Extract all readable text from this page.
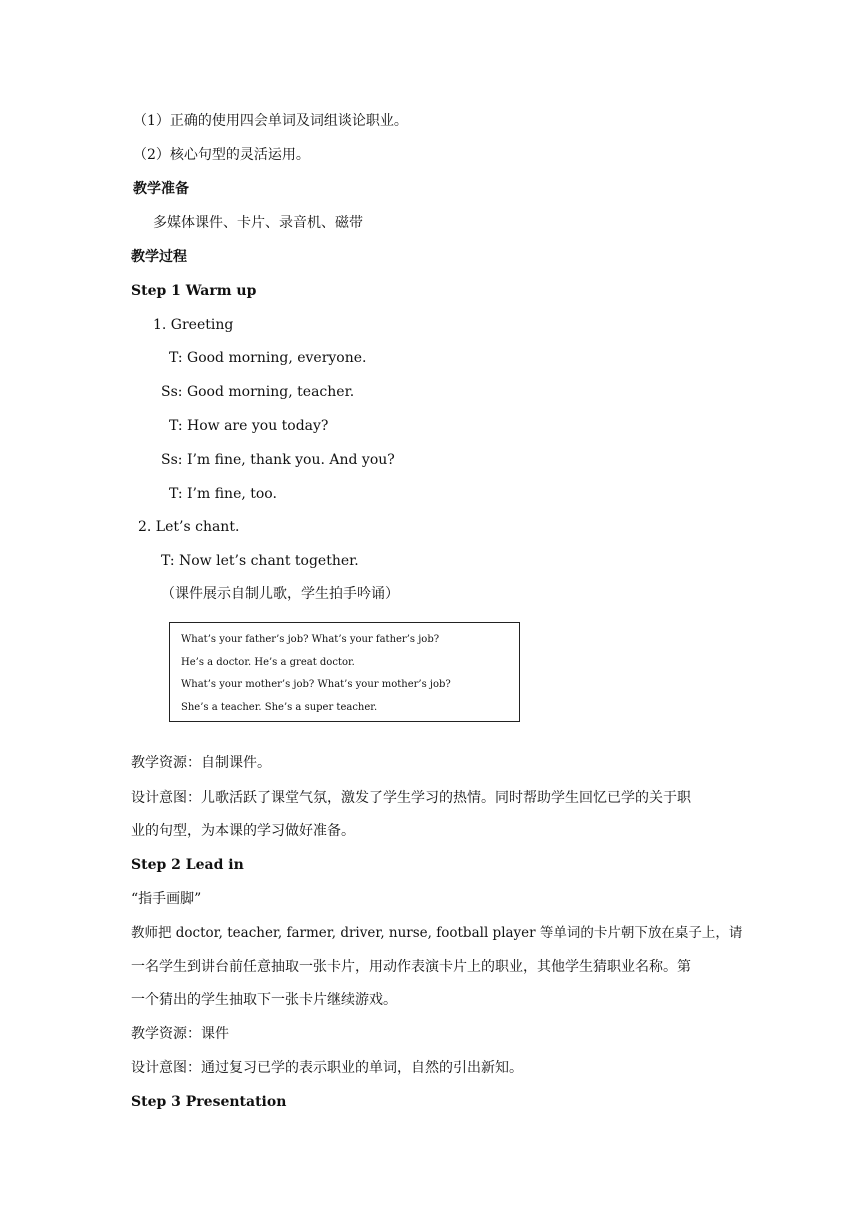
（1）正确的使用四会单词及词组谈论职业。
（2）核心句型的灵活运用。
教学准备
多媒体课件、卡片、录音机、磁带
教学过程
Step 1 Warm up
1. Greeting
T: Good morning, everyone.
Ss: Good morning, teacher.
T: How are you today?
Ss: I’m fine, thank you. And you?
T: I’m fine, too.
2. Let’s chant.
T: Now let’s chant together.
（课件展示自制儿歌，学生拍手吟诵）
What’s your father’s job? What’s your father’s job?
He’s a doctor. He’s a great doctor.
What’s your mother’s job? What’s your mother’s job?
She’s a teacher. She’s a super teacher.
教学资源：自制课件。
设计意图：儿歌活跃了课堂气氛，激发了学生学习的热情。同时帮助学生回忆已学的关于职
业的句型，为本课的学习做好准备。
Step 2 Lead in
“指手画脚”
教师把 doctor, teacher, farmer, driver, nurse, football player 等单词的卡片朝下放在桌子上，请
一名学生到讲台前任意抽取一张卡片，用动作表演卡片上的职业，其他学生猜职业名称。第
一个猜出的学生抽取下一张卡片继续游戏。
教学资源：课件
设计意图：通过复习已学的表示职业的单词，自然的引出新知。
Step 3 Presentation
